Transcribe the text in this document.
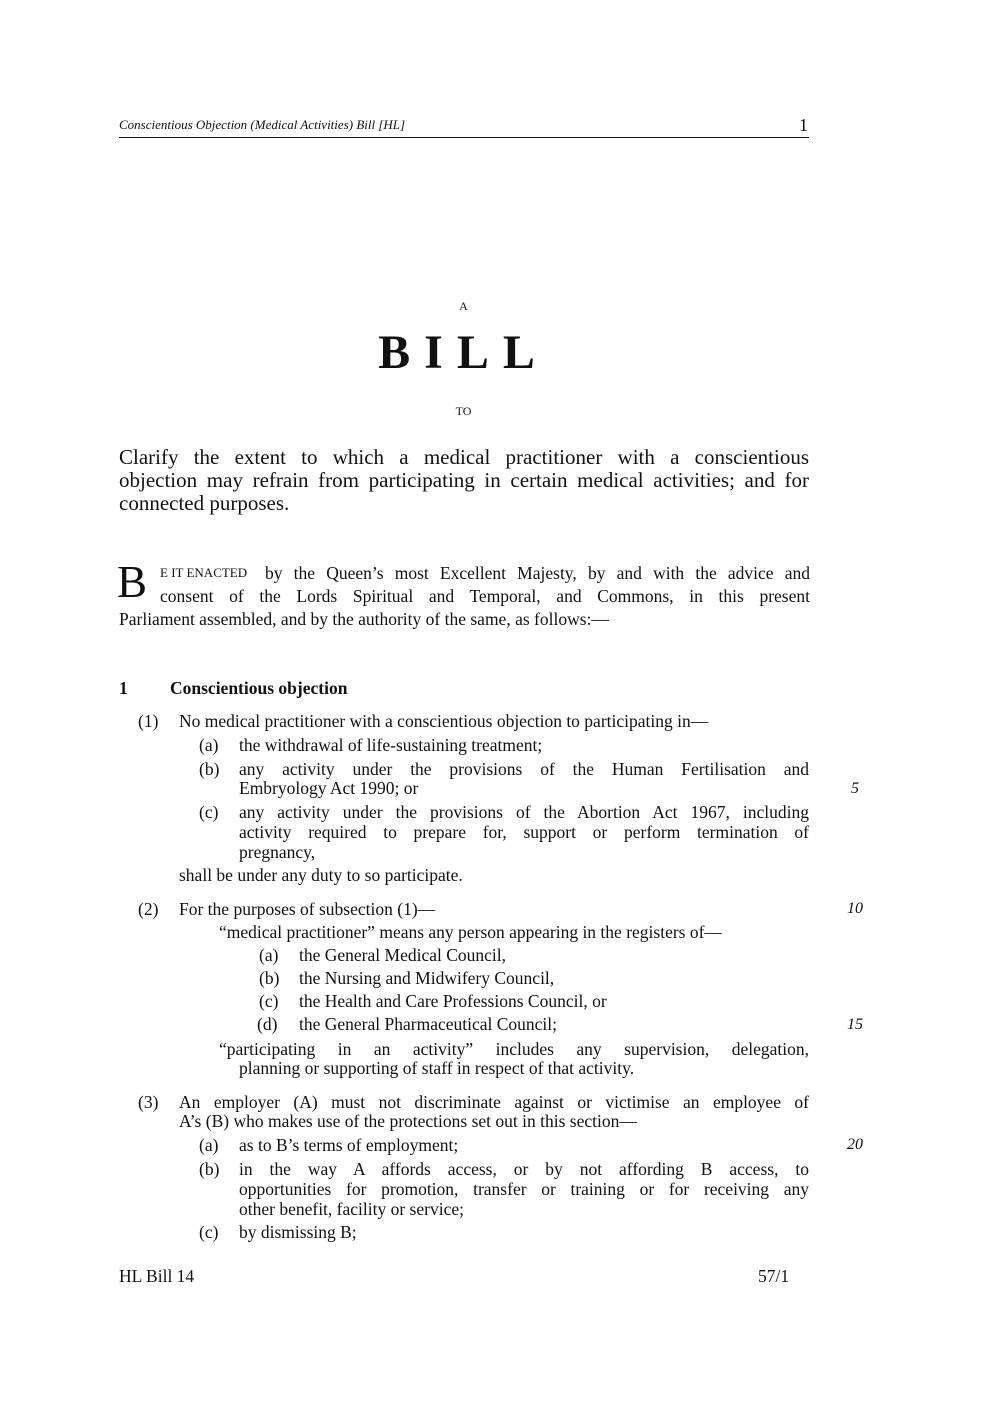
Conscientious Objection (Medical Activities) Bill [HL]	1
A
BILL
TO
Clarify the extent to which a medical practitioner with a conscientious
objection may refrain from participating in certain medical activities; and for
connected purposes.
B E IT ENACTED by the Queen’s most Excellent Majesty, by and with the advice and
consent of the Lords Spiritual and Temporal, and Commons, in this present
Parliament assembled, and by the authority of the same, as follows:—
1 Conscientious objection
(1) No medical practitioner with a conscientious objection to participating in—
(a) the withdrawal of life-sustaining treatment;
(b) any activity under the provisions of the Human Fertilisation and
Embryology Act 1990; or
(c) any activity under the provisions of the Abortion Act 1967, including
activity required to prepare for, support or perform termination of
pregnancy,
shall be under any duty to so participate.
(2) For the purposes of subsection (1)—
“medical practitioner” means any person appearing in the registers of—
(a) the General Medical Council,
(b) the Nursing and Midwifery Council,
(c) the Health and Care Professions Council, or
(d) the General Pharmaceutical Council;
“participating in an activity” includes any supervision, delegation,
planning or supporting of staff in respect of that activity.
(3) An employer (A) must not discriminate against or victimise an employee of
A’s (B) who makes use of the protections set out in this section—
(a) as to B’s terms of employment;
(b) in the way A affords access, or by not affording B access, to
opportunities for promotion, transfer or training or for receiving any
other benefit, facility or service;
(c) by dismissing B;
5
10
15
20
HL Bill 14	57/1
